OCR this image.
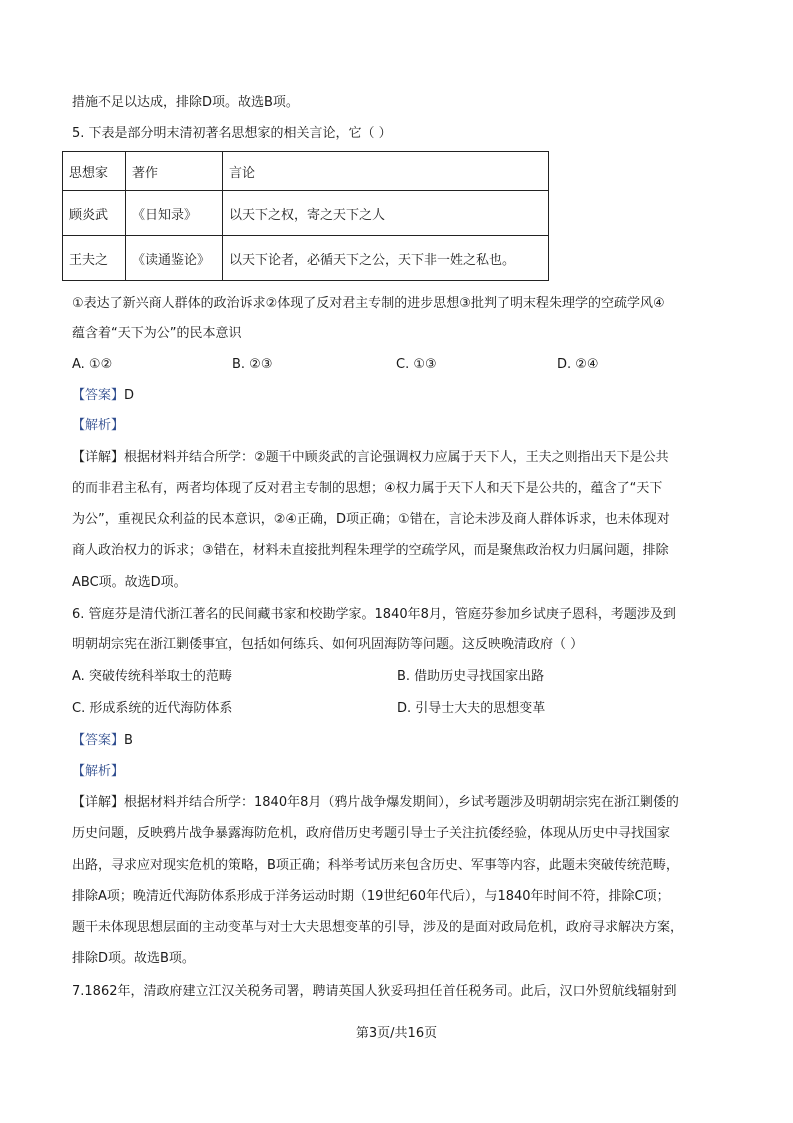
措施不足以达成，排除D项。故选B项。
5. 下表是部分明末清初著名思想家的相关言论，它（ ）
思想家	著作	言论
顾炎武	《日知录》	以天下之权，寄之天下之人
王夫之	《读通鉴论》	以天下论者，必循天下之公，天下非一姓之私也。
①表达了新兴商人群体的政治诉求②体现了反对君主专制的进步思想③批判了明末程朱理学的空疏学风④
蕴含着“天下为公”的民本意识
A. ①②	B. ②③	C. ①③	D. ②④
【答案】D
【解析】
【详解】根据材料并结合所学：②题干中顾炎武的言论强调权力应属于天下人，王夫之则指出天下是公共
的而非君主私有，两者均体现了反对君主专制的思想；④权力属于天下人和天下是公共的，蕴含了“天下
为公”，重视民众利益的民本意识，②④正确，D项正确；①错在，言论未涉及商人群体诉求，也未体现对
商人政治权力的诉求；③错在，材料未直接批判程朱理学的空疏学风，而是聚焦政治权力归属问题，排除
ABC项。故选D项。
6. 管庭芬是清代浙江著名的民间藏书家和校勘学家。1840年8月，管庭芬参加乡试庚子恩科，考题涉及到
明朝胡宗宪在浙江剿倭事宜，包括如何练兵、如何巩固海防等问题。这反映晚清政府（ ）
A. 突破传统科举取士的范畴	B. 借助历史寻找国家出路
C. 形成系统的近代海防体系	D. 引导士大夫的思想变革
【答案】B
【解析】
【详解】根据材料并结合所学：1840年8月（鸦片战争爆发期间），乡试考题涉及明朝胡宗宪在浙江剿倭的
历史问题，反映鸦片战争暴露海防危机，政府借历史考题引导士子关注抗倭经验，体现从历史中寻找国家
出路，寻求应对现实危机的策略，B项正确；科举考试历来包含历史、军事等内容，此题未突破传统范畴，
排除A项；晚清近代海防体系形成于洋务运动时期（19世纪60年代后），与1840年时间不符，排除C项；
题干未体现思想层面的主动变革与对士大夫思想变革的引导，涉及的是面对政局危机，政府寻求解决方案，
排除D项。故选B项。
7.1862年，清政府建立江汉关税务司署，聘请英国人狄妥玛担任首任税务司。此后，汉口外贸航线辐射到
第3页/共16页
